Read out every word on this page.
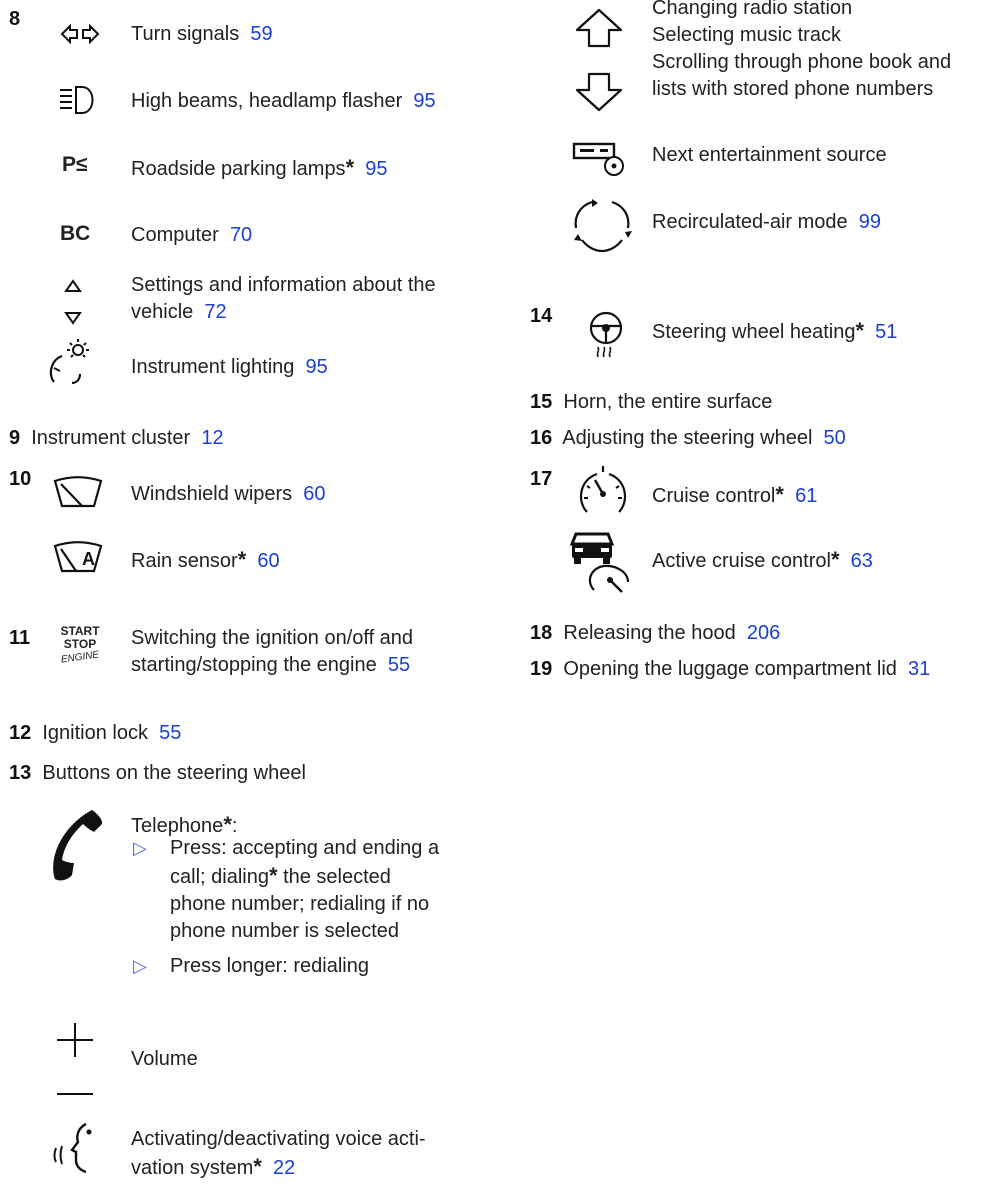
8
Turn signals 59
High beams, headlamp flasher 95
P≤ Roadside parking lamps* 95
BC Computer 70
Settings and information about the
vehicle 72
Instrument lighting 95
9 Instrument cluster 12
10
Windshield wipers 60
A Rain sensor* 60
11	START
STOP
ENGINE
Switching the ignition on/off and
starting/stopping the engine 55
12 Ignition lock 55
13 Buttons on the steering wheel
Telephone*:
▷ Press: accepting and ending a
call; dialing* the selected
phone number; redialing if no
phone number is selected
▷ Press longer: redialing
Volume
Activating/deactivating voice acti-
vation system* 22
Changing radio station
Selecting music track
Scrolling through phone book and
lists with stored phone numbers
Next entertainment source
Recirculated-air mode 99
14
Steering wheel heating* 51
15 Horn, the entire surface
16 Adjusting the steering wheel 50
17
Cruise control* 61
Active cruise control* 63
18 Releasing the hood 206
19 Opening the luggage compartment lid 31
